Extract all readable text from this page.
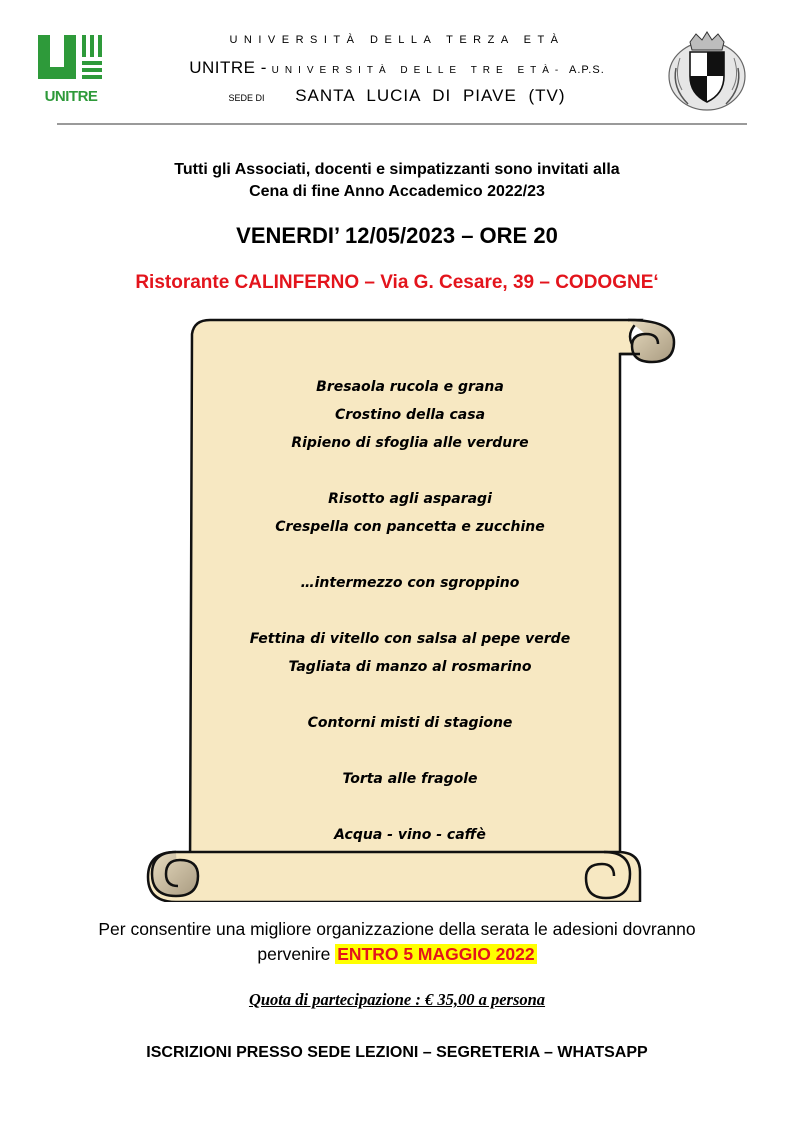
UNITRE
UNIVERSITÀ DELLA TERZA ETÀ
UNITRE - UNIVERSITÀ DELLE TRE ETÀ- A.P.S.
SEDE DI SANTA LUCIA DI PIAVE (TV)
Tutti gli Associati, docenti e simpatizzanti sono invitati alla
Cena di fine Anno Accademico 2022/23
VENERDI’ 12/05/2023 – ORE 20
Ristorante CALINFERNO – Via G. Cesare, 39 – CODOGNE‘
Bresaola rucola e grana
Crostino della casa
Ripieno di sfoglia alle verdure
Risotto agli asparagi
Crespella con pancetta e zucchine
…intermezzo con sgroppino
Fettina di vitello con salsa al pepe verde
Tagliata di manzo al rosmarino
Contorni misti di stagione
Torta alle fragole
Acqua - vino - caffè
Per consentire una migliore organizzazione della serata le adesioni dovranno
pervenire ENTRO 5 MAGGIO 2022
Quota di partecipazione : € 35,00 a persona
ISCRIZIONI PRESSO SEDE LEZIONI – SEGRETERIA – WHATSAPP
